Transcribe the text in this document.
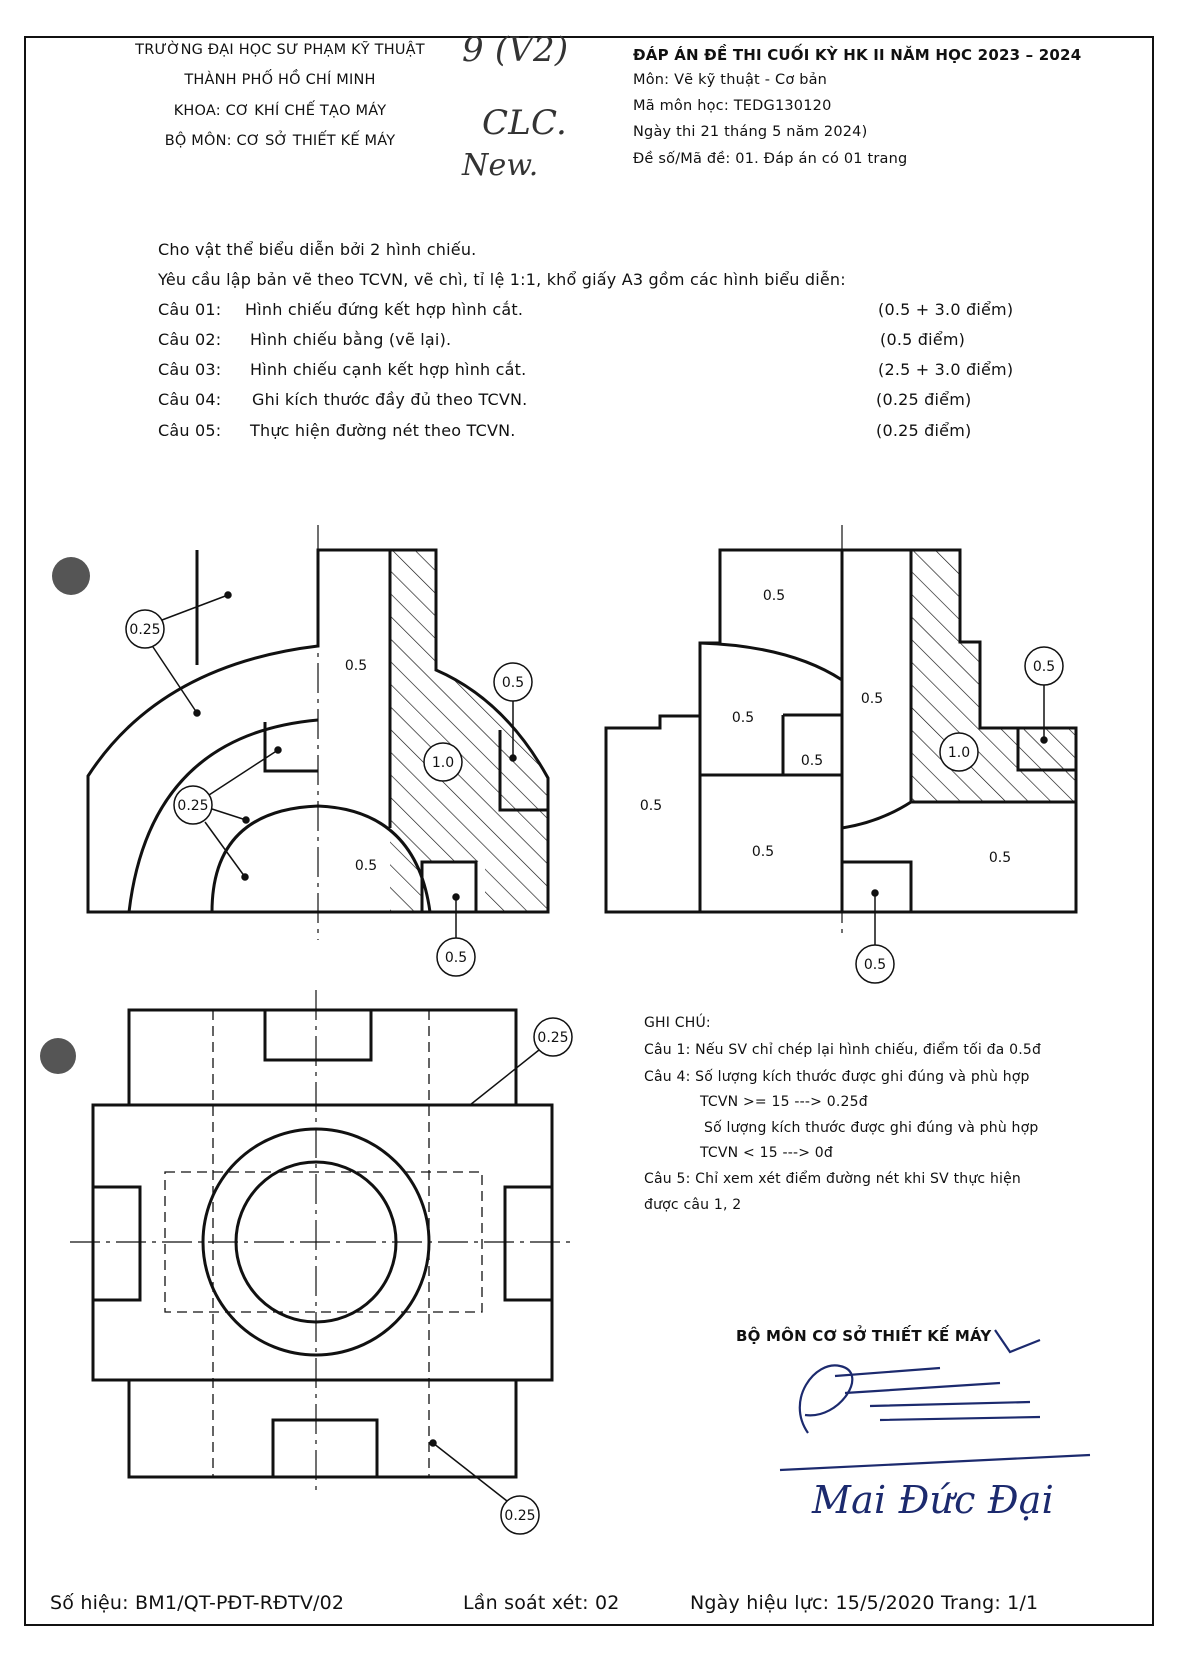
TRƯỜNG ĐẠI HỌC SƯ PHẠM KỸ THUẬT
THÀNH PHỐ HỒ CHÍ MINH
KHOA: CƠ KHÍ CHẾ TẠO MÁY
BỘ MÔN: CƠ SỞ THIẾT KẾ MÁY
9 (V2)
CLC.
New.
ĐÁP ÁN ĐỀ THI CUỐI KỲ HK II NĂM HỌC 2023 – 2024
Môn: Vẽ kỹ thuật - Cơ bản
Mã môn học: TEDG130120
Ngày thi 21 tháng 5 năm 2024)
Đề số/Mã đề: 01. Đáp án có 01 trang
Cho vật thể biểu diễn bởi 2 hình chiếu.
Yêu cầu lập bản vẽ theo TCVN, vẽ chì, tỉ lệ 1:1, khổ giấy A3 gồm các hình biểu diễn:
Câu 01: Hình chiếu đứng kết hợp hình cắt.	(0.5 + 3.0 điểm)
Câu 02: Hình chiếu bằng (vẽ lại).	(0.5 điểm)
Câu 03: Hình chiếu cạnh kết hợp hình cắt.	(2.5 + 3.0 điểm)
Câu 04: Ghi kích thước đầy đủ theo TCVN.	(0.25 điểm)
Câu 05: Thực hiện đường nét theo TCVN.	(0.25 điểm)
0.25
0.5
0.5
1.0
0.25
0.5
0.5
0.5
0.5
0.5
0.5	1.0
0.5
0.5
0.5	0.5
0.5
0.25
0.25
GHI CHÚ:
Câu 1: Nếu SV chỉ chép lại hình chiếu, điểm tối đa 0.5đ
Câu 4: Số lượng kích thước được ghi đúng và phù hợp
TCVN >= 15 ---> 0.25đ
Số lượng kích thước được ghi đúng và phù hợp
TCVN < 15 ---> 0đ
Câu 5: Chỉ xem xét điểm đường nét khi SV thực hiện
được câu 1, 2
BỘ MÔN CƠ SỞ THIẾT KẾ MÁY
Mai Đức Đại
Số hiệu: BM1/QT-PĐT-RĐTV/02	Lần soát xét: 02	Ngày hiệu lực: 15/5/2020 Trang: 1/1
